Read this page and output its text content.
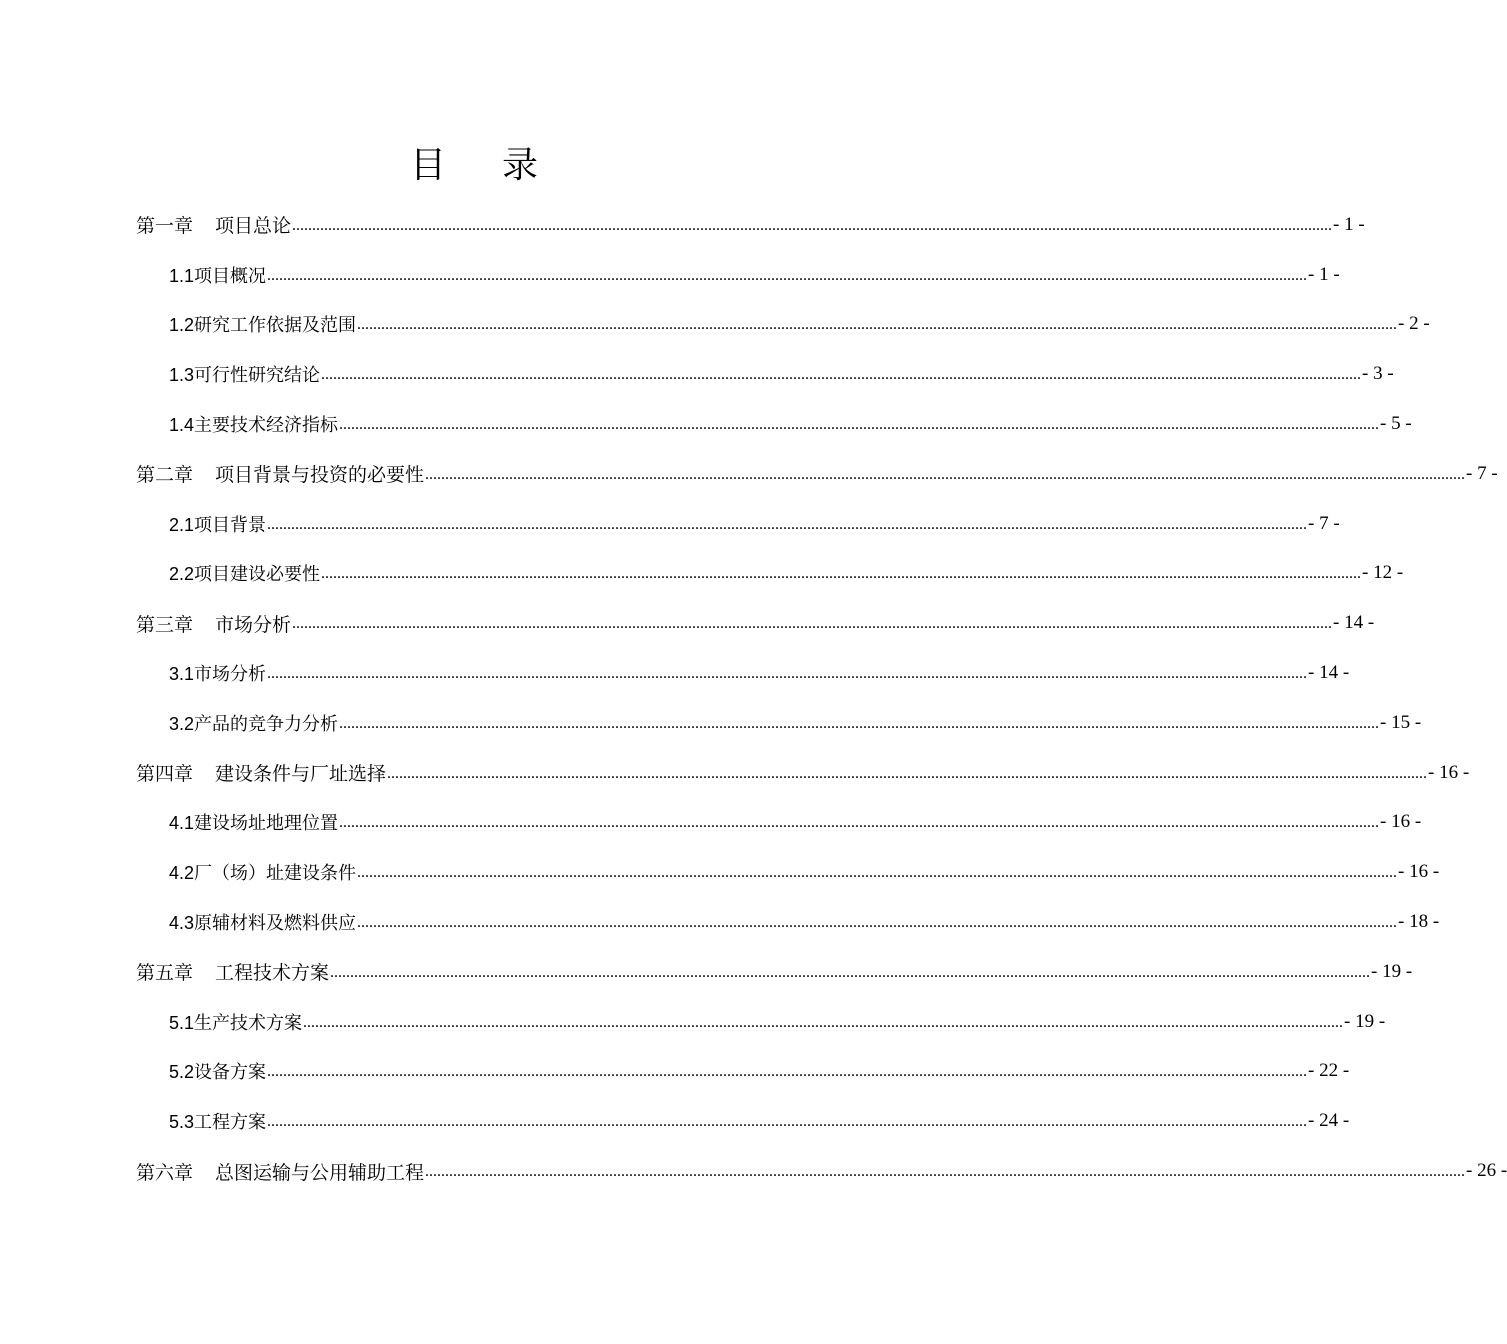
目 录
第一章 项目总论 .................................................................................................................................................................................................................................................................... - 1 -
1.1项目概况 .................................................................................................................................................................................................................................................................... - 1 -
1.2研究工作依据及范围 .................................................................................................................................................................................................................................................................... - 2 -
1.3可行性研究结论 .................................................................................................................................................................................................................................................................... - 3 -
1.4主要技术经济指标 .................................................................................................................................................................................................................................................................... - 5 -
第二章 项目背景与投资的必要性 .................................................................................................................................................................................................................................................................... - 7 -
2.1项目背景 .................................................................................................................................................................................................................................................................... - 7 -
2.2项目建设必要性 .................................................................................................................................................................................................................................................................... - 12 -
第三章 市场分析 .................................................................................................................................................................................................................................................................... - 14 -
3.1市场分析 .................................................................................................................................................................................................................................................................... - 14 -
3.2产品的竞争力分析 .................................................................................................................................................................................................................................................................... - 15 -
第四章 建设条件与厂址选择 .................................................................................................................................................................................................................................................................... - 16 -
4.1建设场址地理位置 .................................................................................................................................................................................................................................................................... - 16 -
4.2厂（场）址建设条件 .................................................................................................................................................................................................................................................................... - 16 -
4.3原辅材料及燃料供应 .................................................................................................................................................................................................................................................................... - 18 -
第五章 工程技术方案 .................................................................................................................................................................................................................................................................... - 19 -
5.1生产技术方案 .................................................................................................................................................................................................................................................................... - 19 -
5.2设备方案 .................................................................................................................................................................................................................................................................... - 22 -
5.3工程方案 .................................................................................................................................................................................................................................................................... - 24 -
第六章 总图运输与公用辅助工程 .................................................................................................................................................................................................................................................................... - 26 -
